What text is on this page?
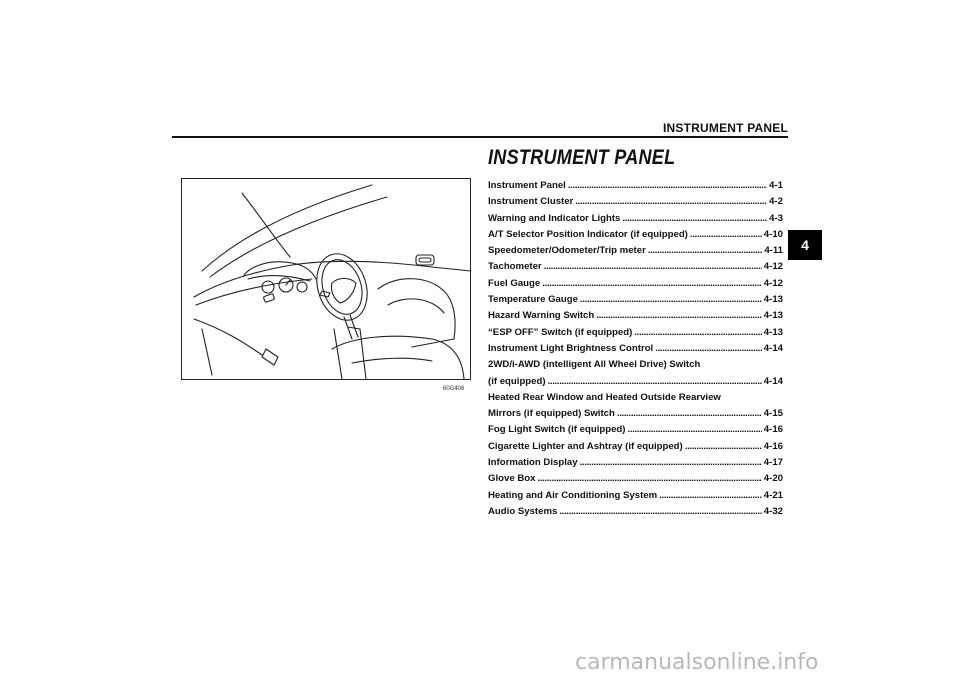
INSTRUMENT PANEL
4
60G406
INSTRUMENT PANEL
Instrument Panel . . .	4-1
Instrument Cluster . . .	4-2
Warning and Indicator Lights . . .	4-3
A/T Selector Position Indicator (if equipped) . . .	4-10
Speedometer/Odometer/Trip meter . . .	4-11
Tachometer . . .	4-12
Fuel Gauge . . .	4-12
Temperature Gauge . . .	4-13
Hazard Warning Switch . . .	4-13
“ESP OFF” Switch (if equipped) . . .	4-13
Instrument Light Brightness Control . . .	4-14
2WD/i-AWD (intelligent All Wheel Drive) Switch
(if equipped) . . .	4-14
Heated Rear Window and Heated Outside Rearview
Mirrors (if equipped) Switch . . .	4-15
Fog Light Switch (if equipped) . . .	4-16
Cigarette Lighter and Ashtray (if equipped) . . .	4-16
Information Display . . .	4-17
Glove Box . . .	4-20
Heating and Air Conditioning System . . .	4-21
Audio Systems . . .	4-32
carmanualsonline.info
